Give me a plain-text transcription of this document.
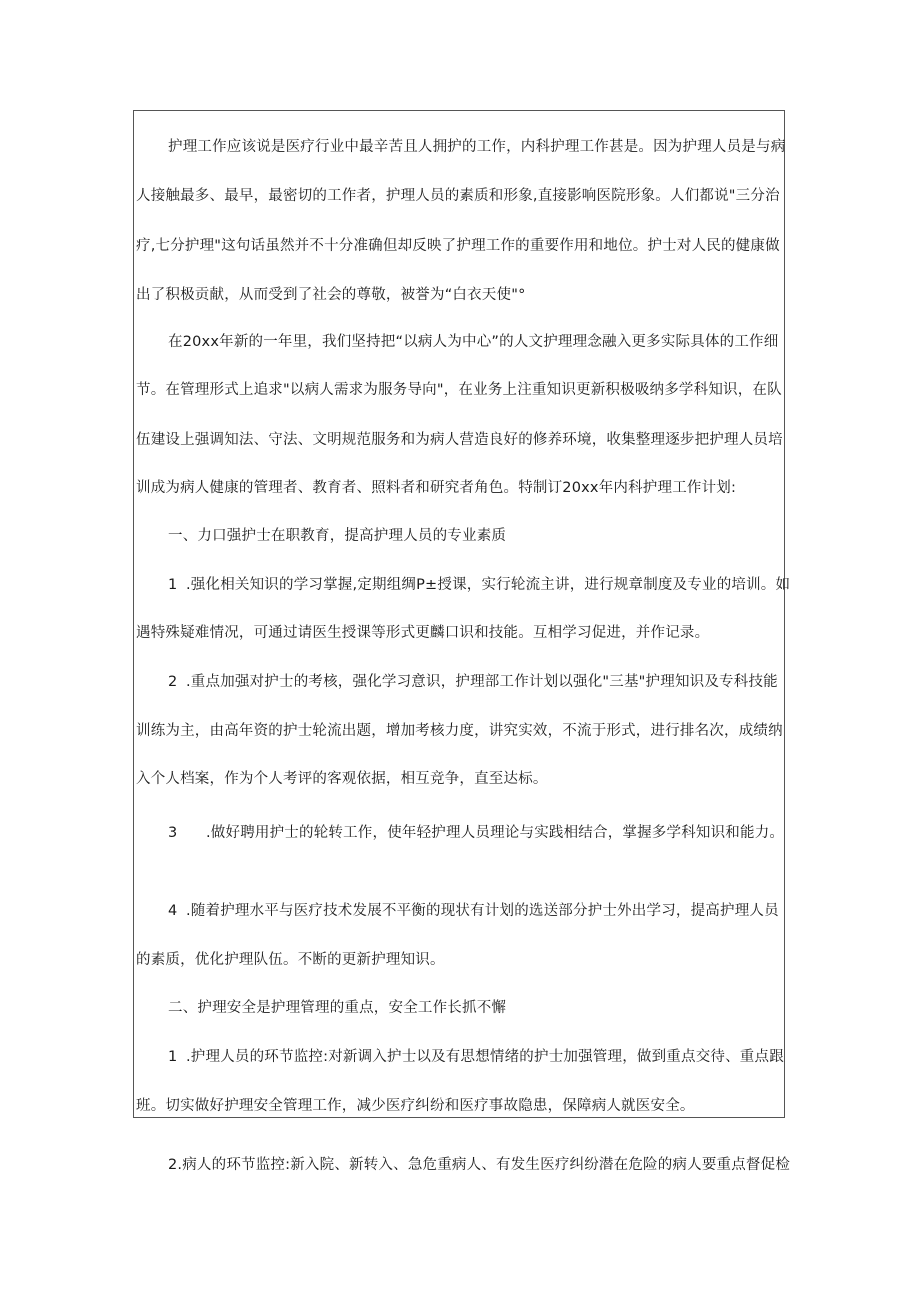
护理工作应该说是医疗行业中最辛苦且人拥护的工作，内科护理工作甚是。因为护理人员是与病
人接触最多、最早，最密切的工作者，护理人员的素质和形象,直接影响医院形象。人们都说"三分治
疗,七分护理"这句话虽然并不十分准确但却反映了护理工作的重要作用和地位。护士对人民的健康做
出了积极贡献，从而受到了社会的尊敬，被誉为“白衣天使"°
在20xx年新的一年里，我们坚持把“以病人为中心”的人文护理理念融入更多实际具体的工作细
节。在管理形式上追求"以病人需求为服务导向"，在业务上注重知识更新积极吸纳多学科知识，在队
伍建设上强调知法、守法、文明规范服务和为病人营造良好的修养环境，收集整理逐步把护理人员培
训成为病人健康的管理者、教育者、照料者和研究者角色。特制订20xx年内科护理工作计划:
一、力口强护士在职教育，提高护理人员的专业素质
1 .强化相关知识的学习掌握,定期组绸P±授课，实行轮流主讲，进行规章制度及专业的培训。如
遇特殊疑难情况，可通过请医生授课等形式更麟口识和技能。互相学习促进，并作记录。
2 .重点加强对护士的考核，强化学习意识，护理部工作计划以强化"三基"护理知识及专科技能
训练为主，由高年资的护士轮流出题，增加考核力度，讲究实效，不流于形式，进行排名次，成绩纳
入个人档案，作为个人考评的客观依据，相互竞争，直至达标。
3 .做好聘用护士的轮转工作，使年轻护理人员理论与实践相结合，掌握多学科知识和能力。
4 .随着护理水平与医疗技术发展不平衡的现状有计划的选送部分护士外出学习，提高护理人员
的素质，优化护理队伍。不断的更新护理知识。
二、护理安全是护理管理的重点，安全工作长抓不懈
1 .护理人员的环节监控:对新调入护士以及有思想情绪的护士加强管理，做到重点交待、重点跟
班。切实做好护理安全管理工作，减少医疗纠纷和医疗事故隐患，保障病人就医安全。
2.病人的环节监控:新入院、新转入、急危重病人、有发生医疗纠纷潜在危险的病人要重点督促检
